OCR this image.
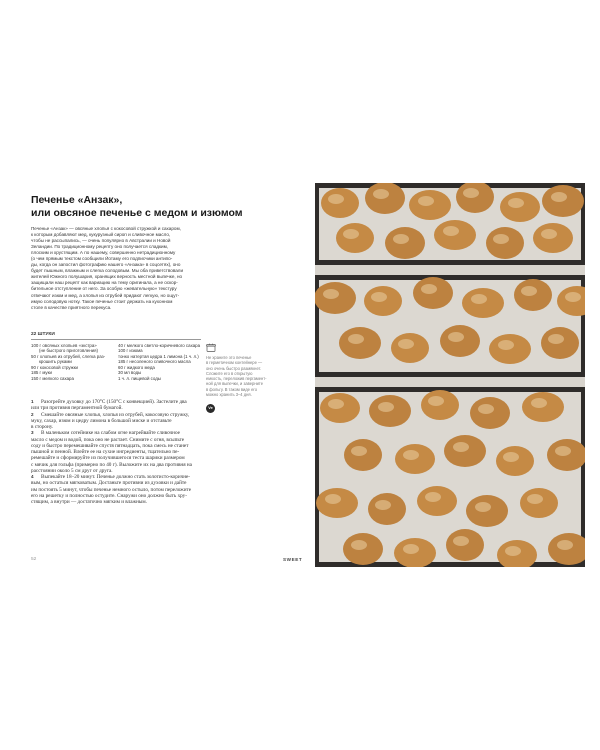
Печенье «Анзак»,
или овсяное печенье с медом и изюмом
Печенье «Анзак» — овсяные хлопья с кокосовой стружкой и сахаром,
к которым добавляют мед, кукурузный сироп и сливочное масло,
чтобы не рассыпались, — очень популярно в Австралии и Новой
Зеландии. По традиционному рецепту оно получается сладким,
плоским и хрустящим. А по нашему, совершенно нетрадиционному
(о чем прямым текстом сообщили Йотаму его подписчики антипо-
ды, когда он запостил фотографию нашего «Анзака» в соцсетях), оно
будет пышным, влажным и слегка солодовым. Мы оба приветствовали
жителей Южного полушария, хранящих верность местной выпечке, но
защищали наш рецепт как вариацию на тему оригинала, а не оскор-
бительное отступление от него. За особую «жевательную» текстуру
отвечают изюм и мед, а хлопья из отрубей придают легкую, но ощут-
имую солодовую нотку. Такое печенье стоит держать на кухонном
столе в качестве приятного перекуса.
22 ШТУКИ
100 г овсяных хлопьев «экстра»
(не быстрого приготовления)
50 г хлопьев из отрубей, слегка раз-
крошить руками
90 г кокосовой стружки
185 г муки
150 г мелкого сахара
40 г мелкого светло-коричневого сахара
100 г изюма
тонко натертая цедра 1 лимона (1 ч. л.)
185 г несоленого сливочного масла
60 г жидкого меда
30 мл воды
1 ч. л. пищевой соды
Не храните это печенье
в герметичном контейнере —
оно очень быстро размякнет.
Сложите его в открытую
емкость, переложив пергамент-
ной для выпечки, и заверните
в фольгу. В таком виде его
можно хранить 3–4 дня.
Ve
1 Разогрейте духовку до 170°С (150°С с конвекцией). Застелите два
или три противня пергаментной бумагой.
2 Смешайте овсяные хлопья, хлопья из отрубей, кокосовую стружку,
муку, сахар, изюм и цедру лимона в большой миске и отставьте
в сторону.
3 В маленьком сотейнике на слабом огне нагрейвайте сливочное
масло с медом и водой, пока оно не растает. Снимите с огня, всыпьте
соду и быстро перемешивайте спустя пятнадцать, пока смесь не станет
пышной и пенной. Влейте ее на сухие ингредиенты, тщательно пе-
ремешайте и сформируйте из получившегося теста шарики размером
с мячик для гольфа (примерно по 40 г). Выложите их на два противня на
расстоянии около 5 см друг от друга.
4 Выпекайте 18–20 минут. Печенье должно стать золотисто-коричне-
вым, но остаться мягковатым. Достаньте противни из духовки и дайте
им постоять 5 минут, чтобы печенье немного остыло, потом переложите
его на решетку и полностью остудите. Снаружи оно должно быть хру-
стящим, а внутри — достаточно мягким и влажным.
52	SWEET
